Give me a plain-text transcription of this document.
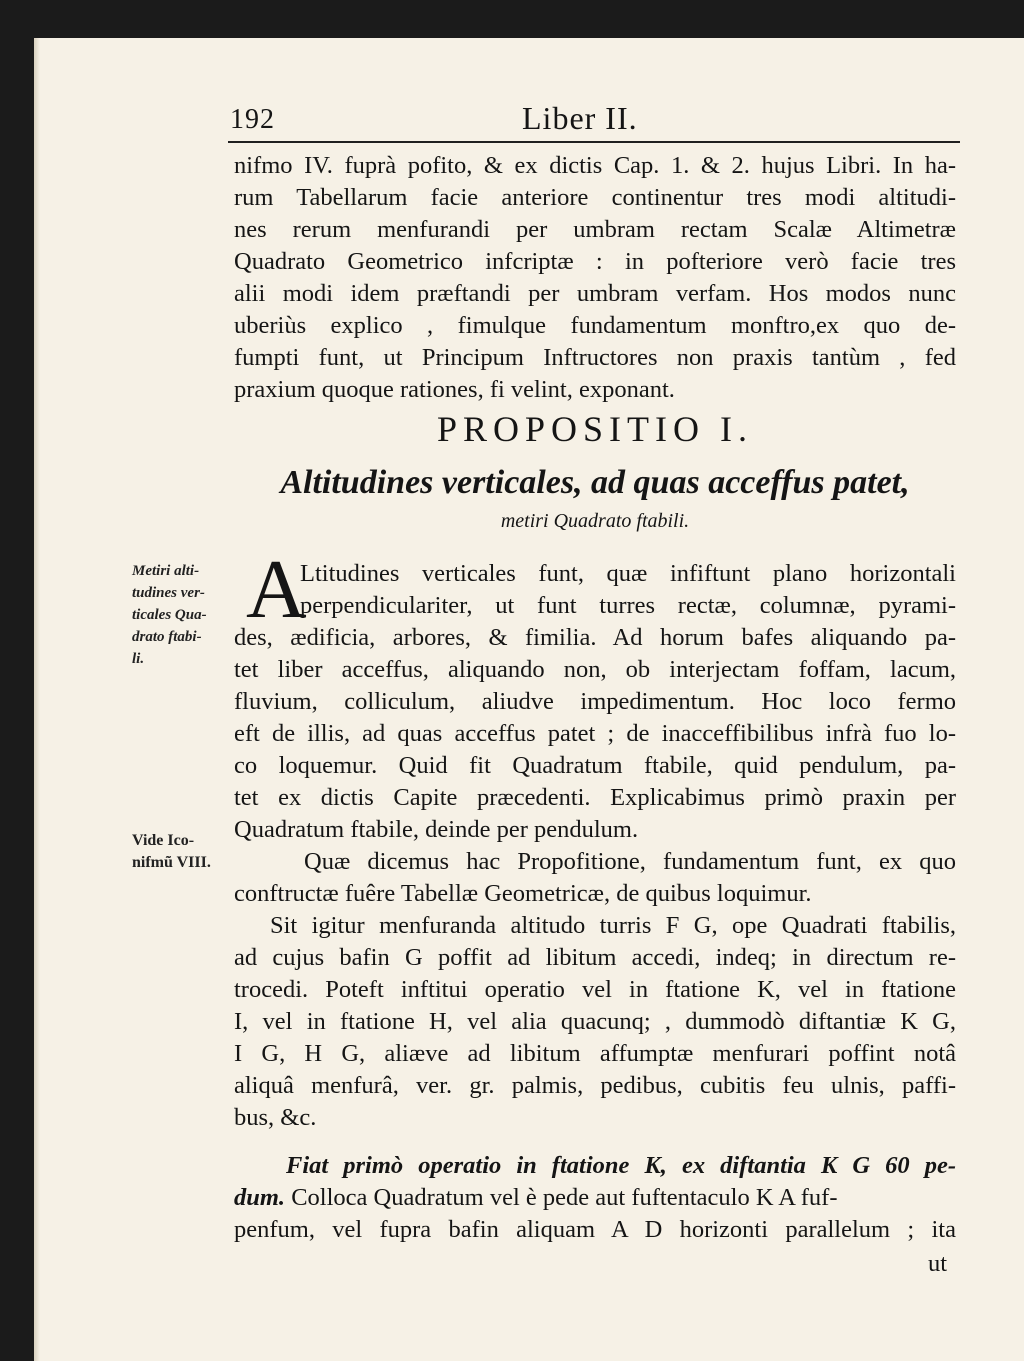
192	Liber II.
nifmo IV. fuprà pofito, & ex dictis Cap. 1. & 2. hujus Libri. In ha-
rum Tabellarum facie anteriore continentur tres modi altitudi-
nes rerum menfurandi per umbram rectam Scalæ Altimetræ
Quadrato Geometrico infcriptæ : in pofteriore verò facie tres
alii modi idem præftandi per umbram verfam. Hos modos nunc
uberiùs explico , fimulque fundamentum monftro,ex quo de-
fumpti funt, ut Principum Inftructores non praxis tantùm , fed
praxium quoque rationes, fi velint, exponant.
PROPOSITIO I.
Altitudines verticales, ad quas acceffus patet,
metiri Quadrato ftabili.
A
Ltitudines verticales funt, quæ infiftunt plano horizontali
perpendiculariter, ut funt turres rectæ, columnæ, pyrami-
des, ædificia, arbores, & fimilia. Ad horum bafes aliquando pa-
tet liber acceffus, aliquando non, ob interjectam foffam, lacum,
fluvium, colliculum, aliudve impedimentum. Hoc loco fermo
eft de illis, ad quas acceffus patet ; de inacceffibilibus infrà fuo lo-
co loquemur. Quid fit Quadratum ftabile, quid pendulum, pa-
tet ex dictis Capite præcedenti. Explicabimus primò praxin per
Quadratum ftabile, deinde per pendulum.
Quæ dicemus hac Propofitione, fundamentum funt, ex quo
conftructæ fuêre Tabellæ Geometricæ, de quibus loquimur.
Sit igitur menfuranda altitudo turris F G, ope Quadrati ftabilis,
ad cujus bafin G poffit ad libitum accedi, indeq; in directum re-
trocedi. Poteft inftitui operatio vel in ftatione K, vel in ftatione
I, vel in ftatione H, vel alia quacunq; , dummodò diftantiæ K G,
I G, H G, aliæve ad libitum affumptæ menfurari poffint notâ
aliquâ menfurâ, ver. gr. palmis, pedibus, cubitis feu ulnis, paffi-
bus, &c.
Fiat primò operatio in ftatione K, ex diftantia K G 60 pe-
dum. Colloca Quadratum vel è pede aut fuftentaculo K A fuf-
penfum, vel fupra bafin aliquam A D horizonti parallelum ; ita
ut
Metiri alti-
tudines ver-
ticales Qua-
drato ftabi-
li.
Vide Ico-
nifmũ VIII.
